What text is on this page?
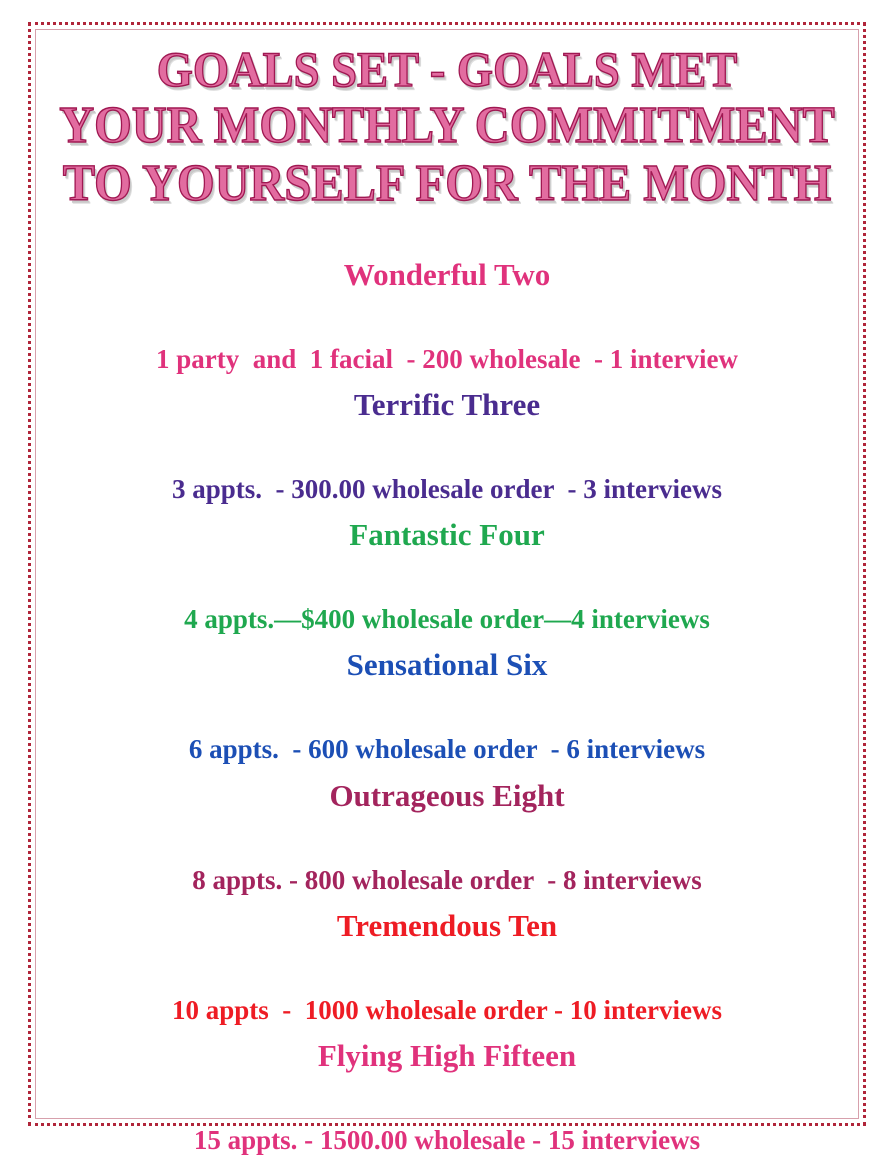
GOALS SET - GOALS MET
YOUR MONTHLY COMMITMENT
TO YOURSELF FOR THE MONTH

Wonderful Two

1 party  and  1 facial  - 200 wholesale  - 1 interview

Terrific Three

3 appts.  - 300.00 wholesale order  - 3 interviews

Fantastic Four

4 appts.—$400 wholesale order—4 interviews

Sensational Six

6 appts.  - 600 wholesale order  - 6 interviews

Outrageous Eight

8 appts. - 800 wholesale order  - 8 interviews

Tremendous Ten

10 appts  -  1000 wholesale order - 10 interviews

Flying High Fifteen

15 appts. - 1500.00 wholesale - 15 interviews
